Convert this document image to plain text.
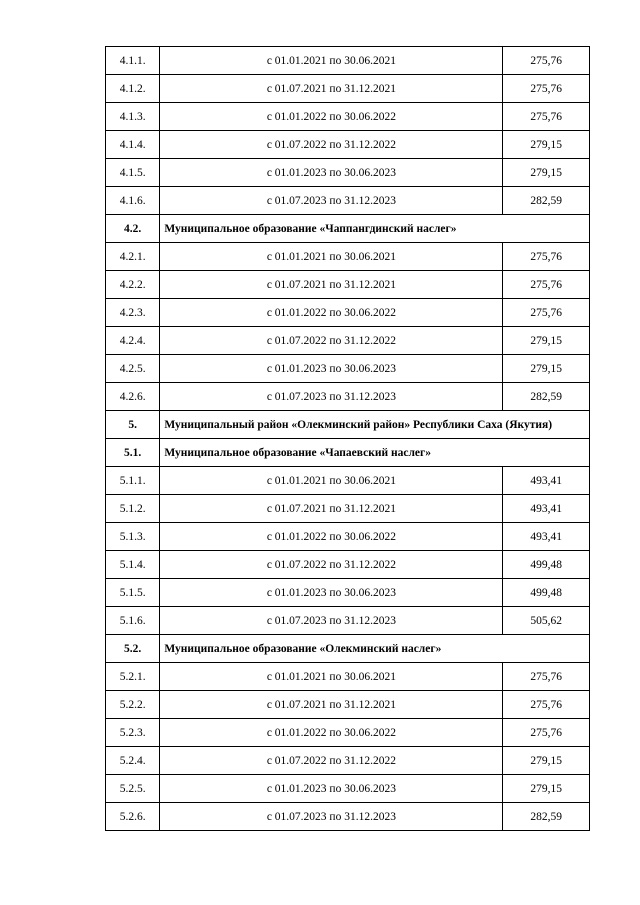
4.1.1.	с 01.01.2021 по 30.06.2021	275,76
4.1.2.	с 01.07.2021 по 31.12.2021	275,76
4.1.3.	с 01.01.2022 по 30.06.2022	275,76
4.1.4.	с 01.07.2022 по 31.12.2022	279,15
4.1.5.	с 01.01.2023 по 30.06.2023	279,15
4.1.6.	с 01.07.2023 по 31.12.2023	282,59
4.2.	Муниципальное образование «Чаппангдинский наслег»	
4.2.1.	с 01.01.2021 по 30.06.2021	275,76
4.2.2.	с 01.07.2021 по 31.12.2021	275,76
4.2.3.	с 01.01.2022 по 30.06.2022	275,76
4.2.4.	с 01.07.2022 по 31.12.2022	279,15
4.2.5.	с 01.01.2023 по 30.06.2023	279,15
4.2.6.	с 01.07.2023 по 31.12.2023	282,59
5.	Муниципальный район «Олекминский район» Республики Саха (Якутия)	
5.1.	Муниципальное образование «Чапаевский наслег»	
5.1.1.	с 01.01.2021 по 30.06.2021	493,41
5.1.2.	с 01.07.2021 по 31.12.2021	493,41
5.1.3.	с 01.01.2022 по 30.06.2022	493,41
5.1.4.	с 01.07.2022 по 31.12.2022	499,48
5.1.5.	с 01.01.2023 по 30.06.2023	499,48
5.1.6.	с 01.07.2023 по 31.12.2023	505,62
5.2.	Муниципальное образование «Олекминский наслег»	
5.2.1.	с 01.01.2021 по 30.06.2021	275,76
5.2.2.	с 01.07.2021 по 31.12.2021	275,76
5.2.3.	с 01.01.2022 по 30.06.2022	275,76
5.2.4.	с 01.07.2022 по 31.12.2022	279,15
5.2.5.	с 01.01.2023 по 30.06.2023	279,15
5.2.6.	с 01.07.2023 по 31.12.2023	282,59
